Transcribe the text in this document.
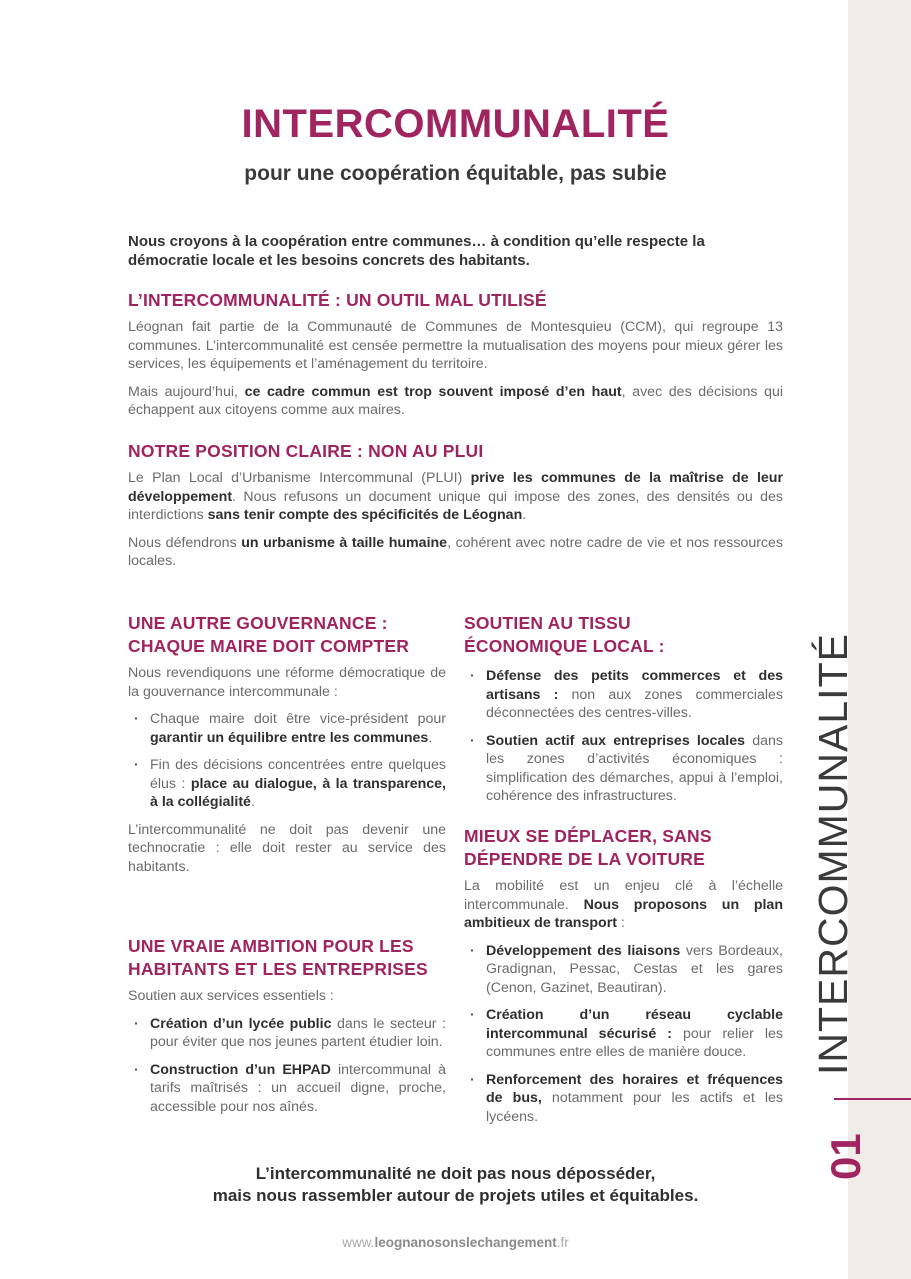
INTERCOMMUNALITÉ
01
INTERCOMMUNALITÉ
pour une coopération équitable, pas subie
Nous croyons à la coopération entre communes… à condition qu’elle respecte la démocratie locale et les besoins concrets des habitants.
L’INTERCOMMUNALITÉ : UN OUTIL MAL UTILISÉ

Léognan fait partie de la Communauté de Communes de Montesquieu (CCM), qui regroupe 13 communes. L’intercommunalité est censée permettre la mutualisation des moyens pour mieux gérer les services, les équipements et l’aménagement du territoire.

Mais aujourd’hui, ce cadre commun est trop souvent imposé d’en haut, avec des décisions qui échappent aux citoyens comme aux maires.

NOTRE POSITION CLAIRE : NON AU PLUI

Le Plan Local d’Urbanisme Intercommunal (PLUI) prive les communes de la maîtrise de leur développement. Nous refusons un document unique qui impose des zones, des densités ou des interdictions sans tenir compte des spécificités de Léognan.

Nous défendrons un urbanisme à taille humaine, cohérent avec notre cadre de vie et nos ressources locales.

UNE AUTRE GOUVERNANCE :
CHAQUE MAIRE DOIT COMPTER

Nous revendiquons une réforme démocratique de la gouvernance intercommunale :

· Chaque maire doit être vice-président pour garantir un équilibre entre les communes.
· Fin des décisions concentrées entre quelques élus : place au dialogue, à la transparence, à la collégialité.

L’intercommunalité ne doit pas devenir une technocratie : elle doit rester au service des habitants.

UNE VRAIE AMBITION POUR LES
HABITANTS ET LES ENTREPRISES

Soutien aux services essentiels :

· Création d’un lycée public dans le secteur : pour éviter que nos jeunes partent étudier loin.
· Construction d’un EHPAD intercommunal à tarifs maîtrisés : un accueil digne, proche, accessible pour nos aînés.
SOUTIEN AU TISSU
ÉCONOMIQUE LOCAL :
· Défense des petits commerces et des artisans : non aux zones commerciales déconnectées des centres-villes.
· Soutien actif aux entreprises locales dans les zones d’activités économiques : simplification des démarches, appui à l’emploi, cohérence des infrastructures.
MIEUX SE DÉPLACER, SANS
DÉPENDRE DE LA VOITURE

La mobilité est un enjeu clé à l’échelle intercommunale. Nous proposons un plan ambitieux de transport :

· Développement des liaisons vers Bordeaux, Gradignan, Pessac, Cestas et les gares (Cenon, Gazinet, Beautiran).
· Création d’un réseau cyclable intercommunal sécurisé : pour relier les communes entre elles de manière douce.
· Renforcement des horaires et fréquences de bus, notamment pour les actifs et les lycéens.
L’intercommunalité ne doit pas nous déposséder,
mais nous rassembler autour de projets utiles et équitables.
www.leognanosonslechangement.fr
